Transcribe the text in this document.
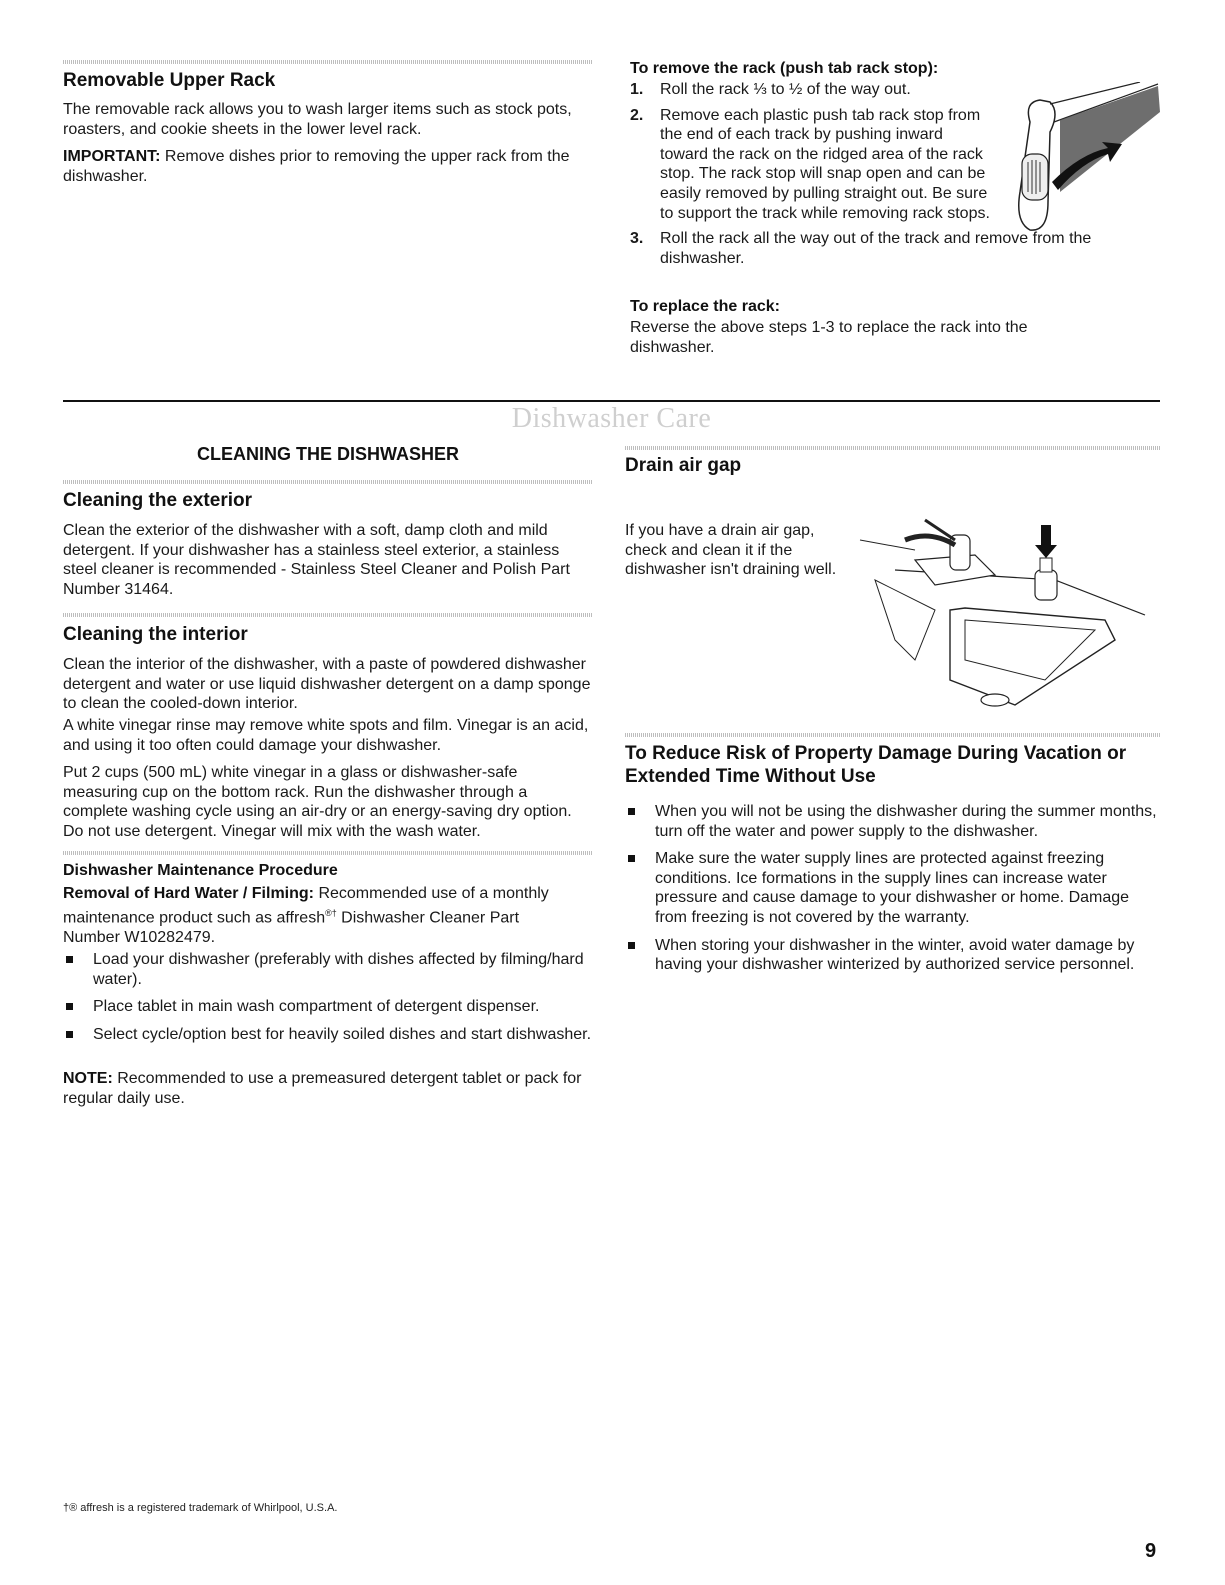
Removable Upper Rack

The removable rack allows you to wash larger items such as stock pots, roasters, and cookie sheets in the lower level rack.

IMPORTANT: Remove dishes prior to removing the upper rack from the dishwasher.

To remove the rack (push tab rack stop):
1. Roll the rack ⅓ to ½ of the way out.
2. Remove each plastic push tab rack stop from the end of each track by pushing inward toward the rack on the ridged area of the rack stop. The rack stop will snap open and can be easily removed by pulling straight out. Be sure to support the track while removing rack stops.
3. Roll the rack all the way out of the track and remove from the dishwasher.
To replace the rack:

Reverse the above steps 1-3 to replace the rack into the dishwasher.

Dishwasher Care
CLEANING THE DISHWASHER
Cleaning the exterior

Clean the exterior of the dishwasher with a soft, damp cloth and mild detergent. If your dishwasher has a stainless steel exterior, a stainless steel cleaner is recommended - Stainless Steel Cleaner and Polish Part Number 31464.

Cleaning the interior

Clean the interior of the dishwasher, with a paste of powdered dishwasher detergent and water or use liquid dishwasher detergent on a damp sponge to clean the cooled-down interior.

A white vinegar rinse may remove white spots and film. Vinegar is an acid, and using it too often could damage your dishwasher.

Put 2 cups (500 mL) white vinegar in a glass or dishwasher-safe measuring cup on the bottom rack. Run the dishwasher through a complete washing cycle using an air-dry or an energy-saving dry option. Do not use detergent. Vinegar will mix with the wash water.

Dishwasher Maintenance Procedure

Removal of Hard Water / Filming: Recommended use of a monthly maintenance product such as affresh®† Dishwasher Cleaner Part Number W10282479.

Load your dishwasher (preferably with dishes affected by filming/hard water).
Place tablet in main wash compartment of detergent dispenser.
Select cycle/option best for heavily soiled dishes and start dishwasher.

NOTE: Recommended to use a premeasured detergent tablet or pack for regular daily use.

Drain air gap

If you have a drain air gap, check and clean it if the dishwasher isn't draining well.

To Reduce Risk of Property Damage During Vacation or Extended Time Without Use
When you will not be using the dishwasher during the summer months, turn off the water and power supply to the dishwasher.
Make sure the water supply lines are protected against freezing conditions. Ice formations in the supply lines can increase water pressure and cause damage to your dishwasher or home. Damage from freezing is not covered by the warranty.
When storing your dishwasher in the winter, avoid water damage by having your dishwasher winterized by authorized service personnel.
†® affresh is a registered trademark of Whirlpool, U.S.A.
9
